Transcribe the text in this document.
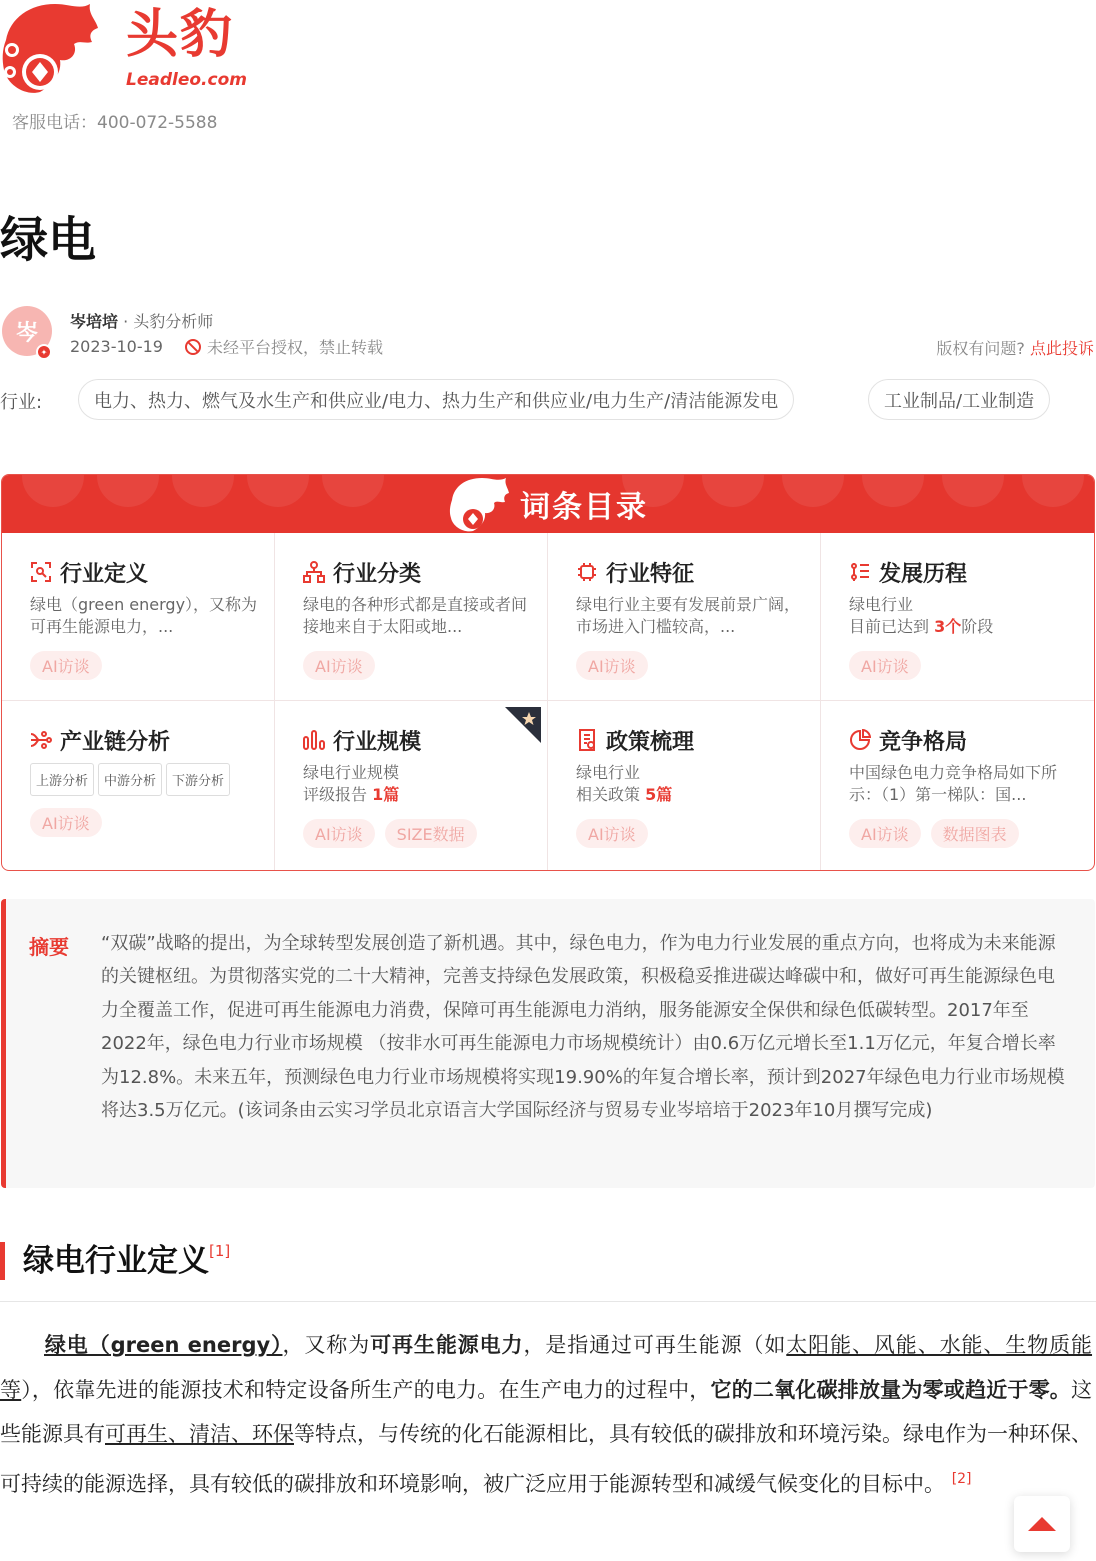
头豹
Leadleo.com
客服电话：400-072-5588
绿电
岑
✦
岑培培 · 头豹分析师
2023-10-19	未经平台授权，禁止转载	版权有问题? 点此投诉
行业:	电力、热力、燃气及水生产和供应业/电力、热力生产和供应业/电力生产/清洁能源发电	工业制品/工业制造
词条目录
行业定义
绿电（green energy），又称为可再生能源电力，...
AI访谈
行业分类
绿电的各种形式都是直接或者间接地来自于太阳或地...
AI访谈
行业特征
绿电行业主要有发展前景广阔，市场进入门槛较高，...
AI访谈
发展历程
绿电行业
目前已达到 3个阶段
AI访谈
产业链分析
上游分析	中游分析	下游分析
AI访谈
行业规模
绿电行业规模
评级报告 1篇
AI访谈	SIZE数据
政策梳理
绿电行业
相关政策 5篇
AI访谈
竞争格局
中国绿色电力竞争格局如下所示：（1）第一梯队：国...
AI访谈	数据图表
摘要 “双碳”战略的提出，为全球转型发展创造了新机遇。其中，绿色电力，作为电力行业发展的重点方向，也将成为未来能源的关键枢纽。为贯彻落实党的二十大精神，完善支持绿色发展政策，积极稳妥推进碳达峰碳中和，做好可再生能源绿色电力全覆盖工作，促进可再生能源电力消费，保障可再生能源电力消纳，服务能源安全保供和绿色低碳转型。2017年至2022年，绿色电力行业市场规模 （按非水可再生能源电力市场规模统计）由0.6万亿元增长至1.1万亿元，年复合增长率为12.8%。未来五年，预测绿色电力行业市场规模将实现19.90%的年复合增长率，预计到2027年绿色电力行业市场规模将达3.5万亿元。(该词条由云实习学员北京语言大学国际经济与贸易专业岑培培于2023年10月撰写完成)
绿电行业定义[1]

绿电（green energy），又称为可再生能源电力，是指通过可再生能源（如太阳能、风能、水能、生物质能等），依靠先进的能源技术和特定设备所生产的电力。在生产电力的过程中，它的二氧化碳排放量为零或趋近于零。这些能源具有可再生、清洁、环保等特点，与传统的化石能源相比，具有较低的碳排放和环境污染。绿电作为一种环保、可持续的能源选择，具有较低的碳排放和环境影响，被广泛应用于能源转型和减缓气候变化的目标中。 [2]
